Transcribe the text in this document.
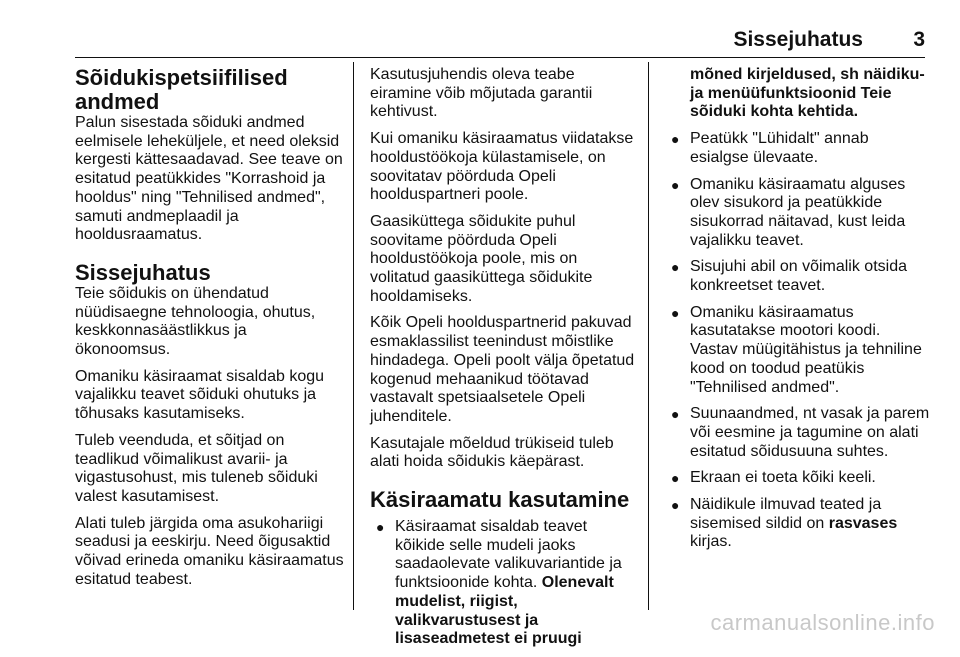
Sissejuhatus 3
Sõidukispetsiifilised
andmed

Palun sisestada sõiduki andmed eelmisele leheküljele, et need oleksid kergesti kättesaadavad. See teave on esitatud peatükkides "Korrashoid ja hooldus" ning "Tehnilised andmed", samuti andmeplaadil ja hooldusraamatus.

Sissejuhatus

Teie sõidukis on ühendatud nüüdisaegne tehnoloogia, ohutus, keskkonnasäästlikkus ja ökonoomsus.

Omaniku käsiraamat sisaldab kogu vajalikku teavet sõiduki ohutuks ja tõhusaks kasutamiseks.

Tuleb veenduda, et sõitjad on teadlikud võimalikust avarii- ja vigastusohust, mis tuleneb sõiduki valest kasutamisest.

Alati tuleb järgida oma asukohariigi seadusi ja eeskirju. Need õigusaktid võivad erineda omaniku käsiraamatus esitatud teabest.

Kasutusjuhendis oleva teabe eiramine võib mõjutada garantii kehtivust.

Kui omaniku käsiraamatus viidatakse hooldustöökoja külastamisele, on soovitatav pöörduda Opeli hoolduspartneri poole.

Gaasiküttega sõidukite puhul soovitame pöörduda Opeli hooldustöökoja poole, mis on volitatud gaasiküttega sõidukite hooldamiseks.

Kõik Opeli hoolduspartnerid pakuvad esmaklassilist teenindust mõistlike hindadega. Opeli poolt välja õpetatud kogenud mehaanikud töötavad vastavalt spetsiaalsetele Opeli juhenditele.

Kasutajale mõeldud trükiseid tuleb alati hoida sõidukis käepärast.

Käsiraamatu kasutamine
● Käsiraamat sisaldab teavet kõikide selle mudeli jaoks saadaolevate valikuvariantide ja funktsioonide kohta. Olenevalt mudelist, riigist, valikvarustusest ja lisaseadmetest ei pruugi
mõned kirjeldused, sh näidiku- ja menüüfunktsioonid Teie sõiduki kohta kehtida.
● Peatükk "Lühidalt" annab esialgse ülevaate.
● Omaniku käsiraamatu alguses olev sisukord ja peatükkide sisukorrad näitavad, kust leida vajalikku teavet.
● Sisujuhi abil on võimalik otsida konkreetset teavet.
● Omaniku käsiraamatus kasutatakse mootori koodi. Vastav müügitähistus ja tehniline kood on toodud peatükis "Tehnilised andmed".
● Suunaandmed, nt vasak ja parem või eesmine ja tagumine on alati esitatud sõidusuuna suhtes.
● Ekraan ei toeta kõiki keeli.
● Näidikule ilmuvad teated ja sisemised sildid on rasvases
kirjas.
carmanualsonline.info
